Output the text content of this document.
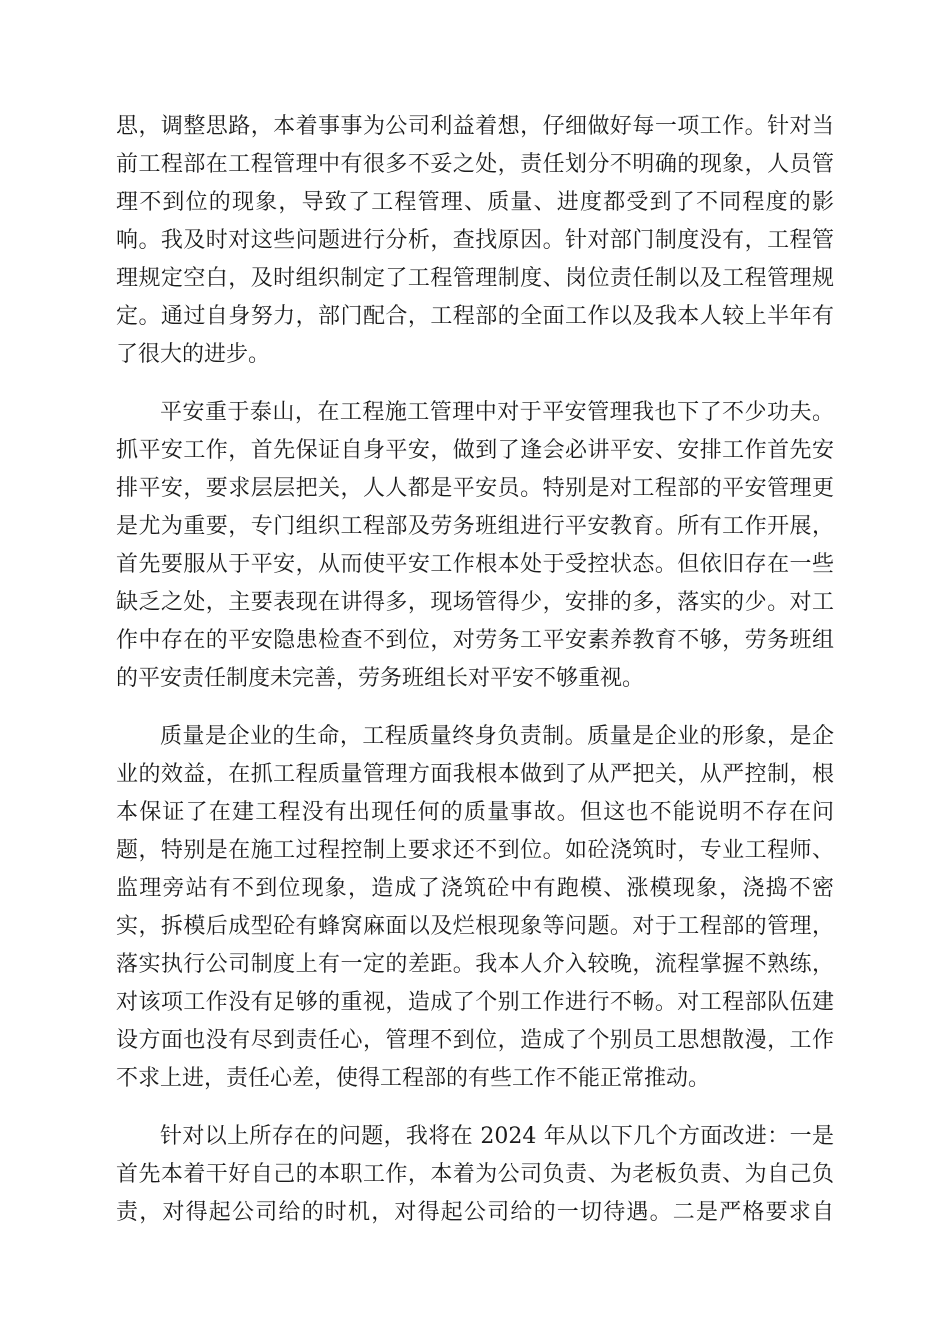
思，调整思路，本着事事为公司利益着想，仔细做好每一项工作。针对当
前工程部在工程管理中有很多不妥之处，责任划分不明确的现象，人员管
理不到位的现象，导致了工程管理、质量、进度都受到了不同程度的影
响。我及时对这些问题进行分析，查找原因。针对部门制度没有，工程管
理规定空白，及时组织制定了工程管理制度、岗位责任制以及工程管理规
定。通过自身努力，部门配合，工程部的全面工作以及我本人较上半年有
了很大的进步。
平安重于泰山，在工程施工管理中对于平安管理我也下了不少功夫。
抓平安工作，首先保证自身平安，做到了逢会必讲平安、安排工作首先安
排平安，要求层层把关，人人都是平安员。特别是对工程部的平安管理更
是尤为重要，专门组织工程部及劳务班组进行平安教育。所有工作开展，
首先要服从于平安，从而使平安工作根本处于受控状态。但依旧存在一些
缺乏之处，主要表现在讲得多，现场管得少，安排的多，落实的少。对工
作中存在的平安隐患检查不到位，对劳务工平安素养教育不够，劳务班组
的平安责任制度未完善，劳务班组长对平安不够重视。
质量是企业的生命，工程质量终身负责制。质量是企业的形象，是企
业的效益，在抓工程质量管理方面我根本做到了从严把关，从严控制，根
本保证了在建工程没有出现任何的质量事故。但这也不能说明不存在问
题，特别是在施工过程控制上要求还不到位。如砼浇筑时，专业工程师、
监理旁站有不到位现象，造成了浇筑砼中有跑模、涨模现象，浇捣不密
实，拆模后成型砼有蜂窝麻面以及烂根现象等问题。对于工程部的管理，
落实执行公司制度上有一定的差距。我本人介入较晚，流程掌握不熟练，
对该项工作没有足够的重视，造成了个别工作进行不畅。对工程部队伍建
设方面也没有尽到责任心，管理不到位，造成了个别员工思想散漫，工作
不求上进，责任心差，使得工程部的有些工作不能正常推动。
针对以上所存在的问题，我将在 2024 年从以下几个方面改进：一是
首先本着干好自己的本职工作，本着为公司负责、为老板负责、为自己负
责，对得起公司给的时机，对得起公司给的一切待遇。二是严格要求自
